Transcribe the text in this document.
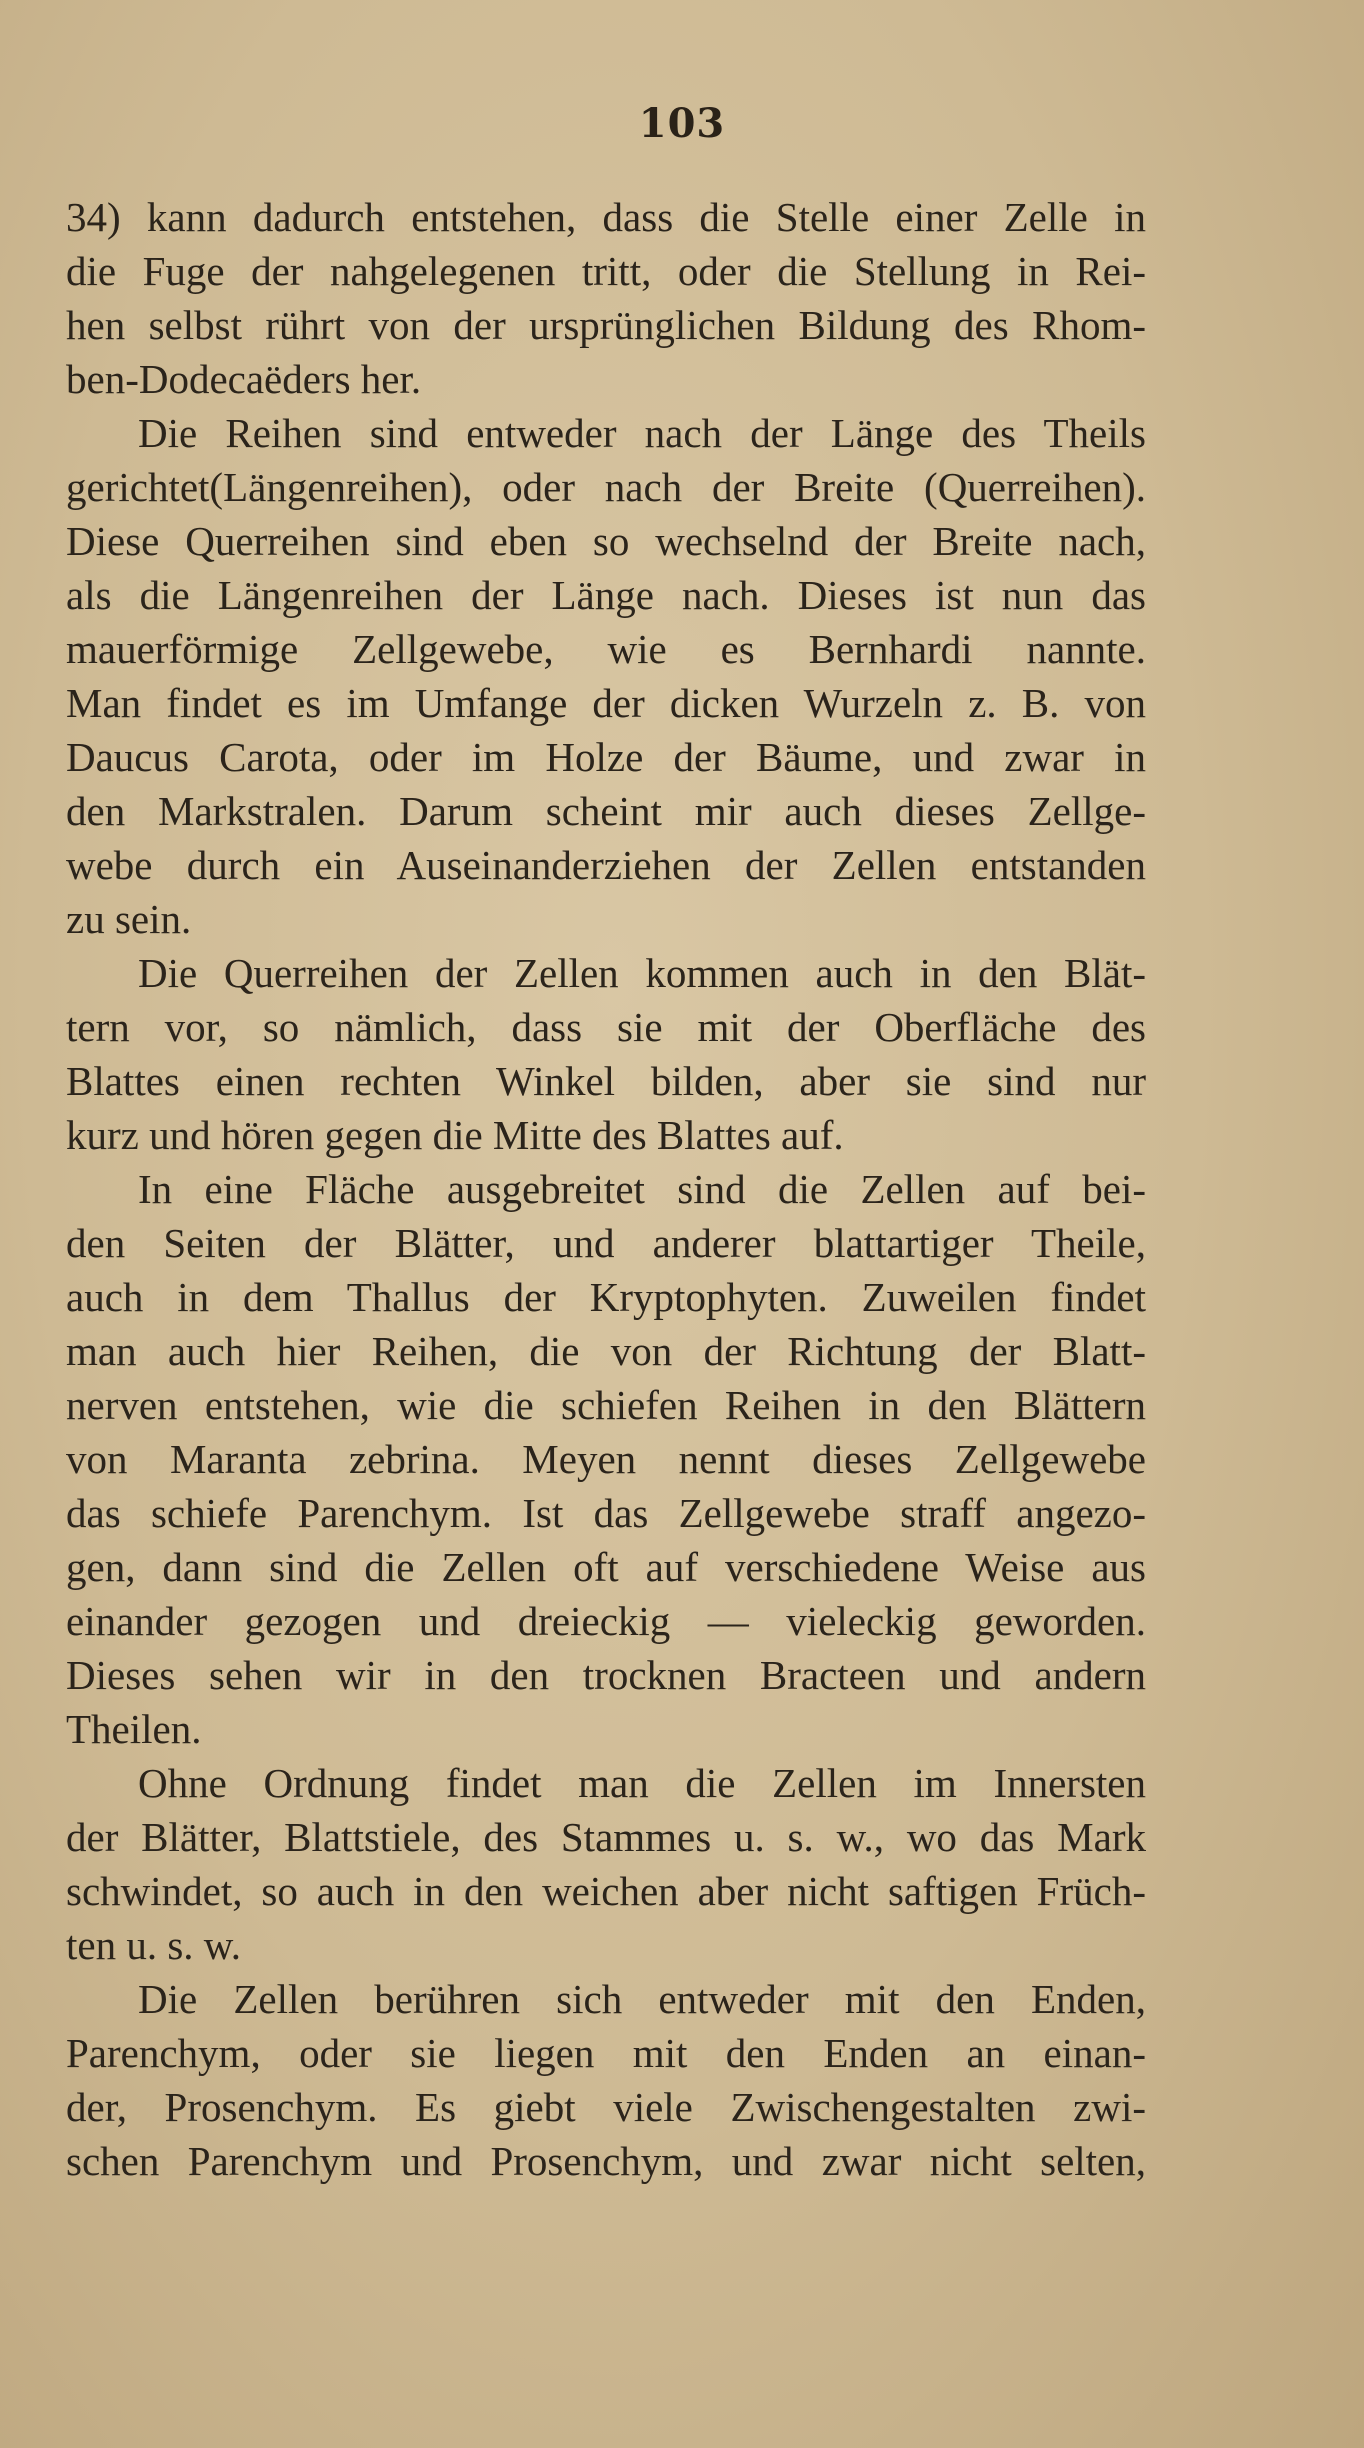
103
34) kann dadurch entstehen, dass die Stelle einer Zelle in
die Fuge der nahgelegenen tritt, oder die Stellung in Rei-
hen selbst rührt von der ursprünglichen Bildung des Rhom-
ben-Dodecaëders her.
Die Reihen sind entweder nach der Länge des Theils
gerichtet(Längenreihen), oder nach der Breite (Querreihen).
Diese Querreihen sind eben so wechselnd der Breite nach,
als die Längenreihen der Länge nach. Dieses ist nun das
mauerförmige Zellgewebe, wie es Bernhardi nannte.
Man findet es im Umfange der dicken Wurzeln z. B. von
Daucus Carota, oder im Holze der Bäume, und zwar in
den Markstralen. Darum scheint mir auch dieses Zellge-
webe durch ein Auseinanderziehen der Zellen entstanden
zu sein.
Die Querreihen der Zellen kommen auch in den Blät-
tern vor, so nämlich, dass sie mit der Oberfläche des
Blattes einen rechten Winkel bilden, aber sie sind nur
kurz und hören gegen die Mitte des Blattes auf.
In eine Fläche ausgebreitet sind die Zellen auf bei-
den Seiten der Blätter, und anderer blattartiger Theile,
auch in dem Thallus der Kryptophyten. Zuweilen findet
man auch hier Reihen, die von der Richtung der Blatt-
nerven entstehen, wie die schiefen Reihen in den Blättern
von Maranta zebrina. Meyen nennt dieses Zellgewebe
das schiefe Parenchym. Ist das Zellgewebe straff angezo-
gen, dann sind die Zellen oft auf verschiedene Weise aus
einander gezogen und dreieckig — vieleckig geworden.
Dieses sehen wir in den trocknen Bracteen und andern
Theilen.
Ohne Ordnung findet man die Zellen im Innersten
der Blätter, Blattstiele, des Stammes u. s. w., wo das Mark
schwindet, so auch in den weichen aber nicht saftigen Früch-
ten u. s. w.
Die Zellen berühren sich entweder mit den Enden,
Parenchym, oder sie liegen mit den Enden an einan-
der, Prosenchym. Es giebt viele Zwischengestalten zwi-
schen Parenchym und Prosenchym, und zwar nicht selten,
